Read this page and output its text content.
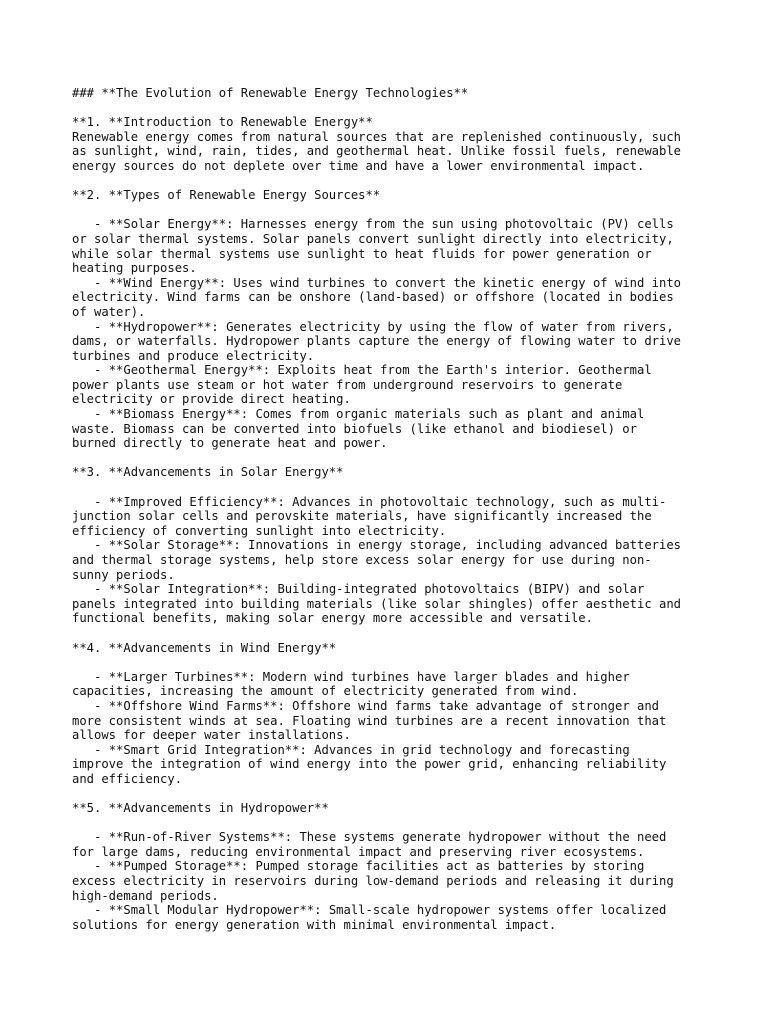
### **The Evolution of Renewable Energy Technologies**
**1. **Introduction to Renewable Energy**
Renewable energy comes from natural sources that are replenished continuously, such
as sunlight, wind, rain, tides, and geothermal heat. Unlike fossil fuels, renewable
energy sources do not deplete over time and have a lower environmental impact.
**2. **Types of Renewable Energy Sources**
- **Solar Energy**: Harnesses energy from the sun using photovoltaic (PV) cells
or solar thermal systems. Solar panels convert sunlight directly into electricity,
while solar thermal systems use sunlight to heat fluids for power generation or
heating purposes.
- **Wind Energy**: Uses wind turbines to convert the kinetic energy of wind into
electricity. Wind farms can be onshore (land-based) or offshore (located in bodies
of water).
- **Hydropower**: Generates electricity by using the flow of water from rivers,
dams, or waterfalls. Hydropower plants capture the energy of flowing water to drive
turbines and produce electricity.
- **Geothermal Energy**: Exploits heat from the Earth's interior. Geothermal
power plants use steam or hot water from underground reservoirs to generate
electricity or provide direct heating.
- **Biomass Energy**: Comes from organic materials such as plant and animal
waste. Biomass can be converted into biofuels (like ethanol and biodiesel) or
burned directly to generate heat and power.
**3. **Advancements in Solar Energy**
- **Improved Efficiency**: Advances in photovoltaic technology, such as multi-
junction solar cells and perovskite materials, have significantly increased the
efficiency of converting sunlight into electricity.
- **Solar Storage**: Innovations in energy storage, including advanced batteries
and thermal storage systems, help store excess solar energy for use during non-
sunny periods.
- **Solar Integration**: Building-integrated photovoltaics (BIPV) and solar
panels integrated into building materials (like solar shingles) offer aesthetic and
functional benefits, making solar energy more accessible and versatile.
**4. **Advancements in Wind Energy**
- **Larger Turbines**: Modern wind turbines have larger blades and higher
capacities, increasing the amount of electricity generated from wind.
- **Offshore Wind Farms**: Offshore wind farms take advantage of stronger and
more consistent winds at sea. Floating wind turbines are a recent innovation that
allows for deeper water installations.
- **Smart Grid Integration**: Advances in grid technology and forecasting
improve the integration of wind energy into the power grid, enhancing reliability
and efficiency.
**5. **Advancements in Hydropower**
- **Run-of-River Systems**: These systems generate hydropower without the need
for large dams, reducing environmental impact and preserving river ecosystems.
- **Pumped Storage**: Pumped storage facilities act as batteries by storing
excess electricity in reservoirs during low-demand periods and releasing it during
high-demand periods.
- **Small Modular Hydropower**: Small-scale hydropower systems offer localized
solutions for energy generation with minimal environmental impact.
